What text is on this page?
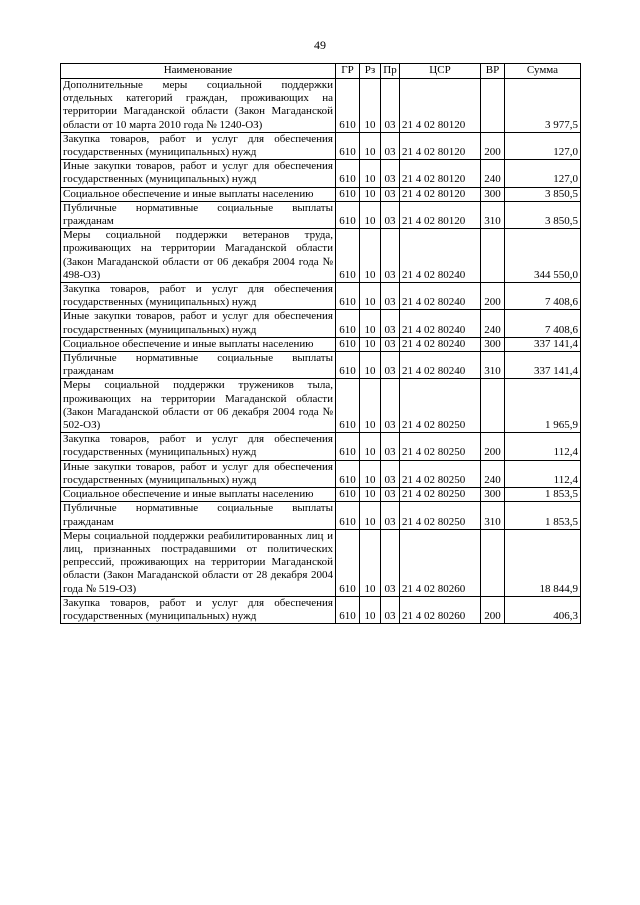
49
Наименование	ГР	Рз	Пр	ЦСР	ВР	Сумма
Дополнительные меры социальной поддержки отдельных категорий граждан, проживающих на территории Магаданской области (Закон Магаданской области от 10 марта 2010 года № 1240-ОЗ)	610	10	03	21 4 02 80120		3 977,5
Закупка товаров, работ и услуг для обеспечения государственных (муниципальных) нужд	610	10	03	21 4 02 80120	200	127,0
Иные закупки товаров, работ и услуг для обеспечения государственных (муниципальных) нужд	610	10	03	21 4 02 80120	240	127,0
Социальное обеспечение и иные выплаты населению	610	10	03	21 4 02 80120	300	3 850,5
Публичные нормативные социальные выплаты гражданам	610	10	03	21 4 02 80120	310	3 850,5
Меры социальной поддержки ветеранов труда, проживающих на территории Магаданской области (Закон Магаданской области от 06 декабря 2004 года № 498-ОЗ)	610	10	03	21 4 02 80240		344 550,0
Закупка товаров, работ и услуг для обеспечения государственных (муниципальных) нужд	610	10	03	21 4 02 80240	200	7 408,6
Иные закупки товаров, работ и услуг для обеспечения государственных (муниципальных) нужд	610	10	03	21 4 02 80240	240	7 408,6
Социальное обеспечение и иные выплаты населению	610	10	03	21 4 02 80240	300	337 141,4
Публичные нормативные социальные выплаты гражданам	610	10	03	21 4 02 80240	310	337 141,4
Меры социальной поддержки тружеников тыла, проживающих на территории Магаданской области (Закон Магаданской области от 06 декабря 2004 года № 502-ОЗ)	610	10	03	21 4 02 80250		1 965,9
Закупка товаров, работ и услуг для обеспечения государственных (муниципальных) нужд	610	10	03	21 4 02 80250	200	112,4
Иные закупки товаров, работ и услуг для обеспечения государственных (муниципальных) нужд	610	10	03	21 4 02 80250	240	112,4
Социальное обеспечение и иные выплаты населению	610	10	03	21 4 02 80250	300	1 853,5
Публичные нормативные социальные выплаты гражданам	610	10	03	21 4 02 80250	310	1 853,5
Меры социальной поддержки реабилитированных лиц и лиц, признанных пострадавшими от политических репрессий, проживающих на территории Магаданской области (Закон Магаданской области от 28 декабря 2004 года № 519-ОЗ)	610	10	03	21 4 02 80260		18 844,9
Закупка товаров, работ и услуг для обеспечения государственных (муниципальных) нужд	610	10	03	21 4 02 80260	200	406,3
